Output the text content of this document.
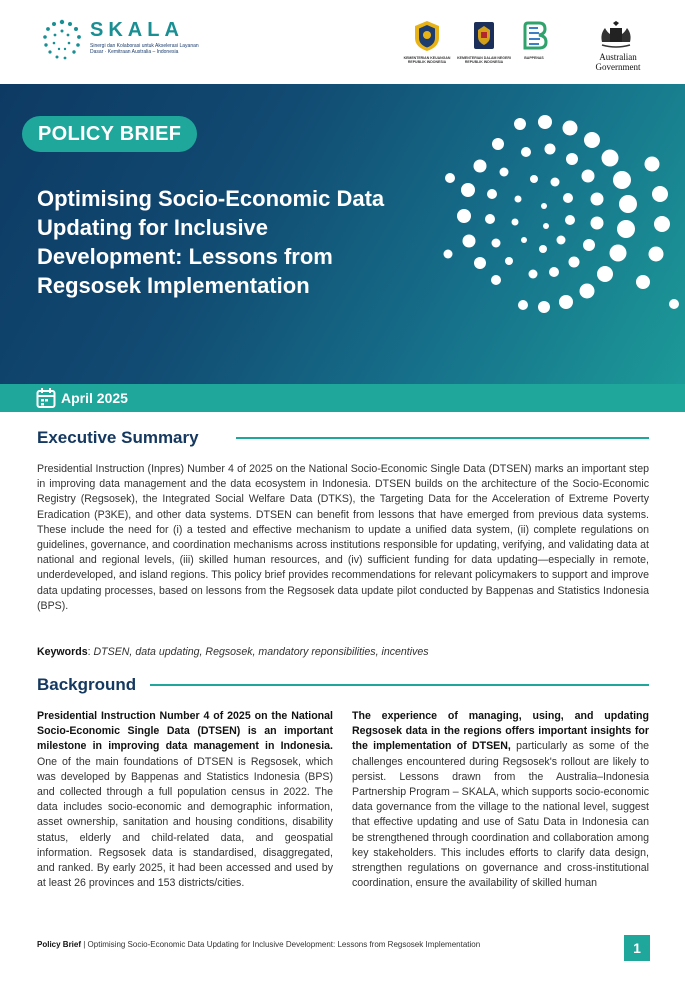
SKALA
Sinergi dan Kolaborasi untuk Akselerasi Layanan Dasar · Kemitraan Australia – Indonesia
KEMENTERIAN KEUANGAN REPUBLIK INDONESIA
KEMENTERIAN DALAM NEGERI REPUBLIK INDONESIA
BAPPENAS	Australian Government
POLICY BRIEF
Optimising Socio-Economic Data Updating for Inclusive Development: Lessons from Regsosek Implementation
April 2025
Executive Summary
Presidential Instruction (Inpres) Number 4 of 2025 on the National Socio-Economic Single Data (DTSEN) marks an important step in improving data management and the data ecosystem in Indonesia. DTSEN builds on the architecture of the Socio-Economic Registry (Regsosek), the Integrated Social Welfare Data (DTKS), the Targeting Data for the Acceleration of Extreme Poverty Eradication (P3KE), and other data systems. DTSEN can benefit from lessons that have emerged from previous data systems. These include the need for (i) a tested and effective mechanism to update a unified data system, (ii) complete regulations on guidelines, governance, and coordination mechanisms across institutions responsible for updating, verifying, and validating data at national and regional levels, (iii) skilled human resources, and (iv) sufficient funding for data updating—especially in remote, underdeveloped, and island regions. This policy brief provides recommendations for relevant policymakers to support and improve data updating processes, based on lessons from the Regsosek data update pilot conducted by Bappenas and Statistics Indonesia (BPS).
Keywords: DTSEN, data updating, Regsosek, mandatory reponsibilities, incentives
Background
Presidential Instruction Number 4 of 2025 on the National Socio-Economic Single Data (DTSEN) is an important milestone in improving data management in Indonesia. One of the main foundations of DTSEN is Regsosek, which was developed by Bappenas and Statistics Indonesia (BPS) and collected through a full population census in 2022. The data includes socio-economic and demographic information, asset ownership, sanitation and housing conditions, disability status, elderly and child-related data, and geospatial information. Regsosek data is standardised, disaggregated, and ranked. By early 2025, it had been accessed and used by at least 26 provinces and 153 districts/cities.
The experience of managing, using, and updating Regsosek data in the regions offers important insights for the implementation of DTSEN, particularly as some of the challenges encountered during Regsosek's rollout are likely to persist. Lessons drawn from the Australia–Indonesia Partnership Program – SKALA, which supports socio-economic data governance from the village to the national level, suggest that effective updating and use of Satu Data in Indonesia can be strengthened through coordination and collaboration among key stakeholders. This includes efforts to clarify data design, strengthen regulations on governance and cross-institutional coordination, ensure the availability of skilled human
Policy Brief | Optimising Socio-Economic Data Updating for Inclusive Development: Lessons from Regsosek Implementation	1
